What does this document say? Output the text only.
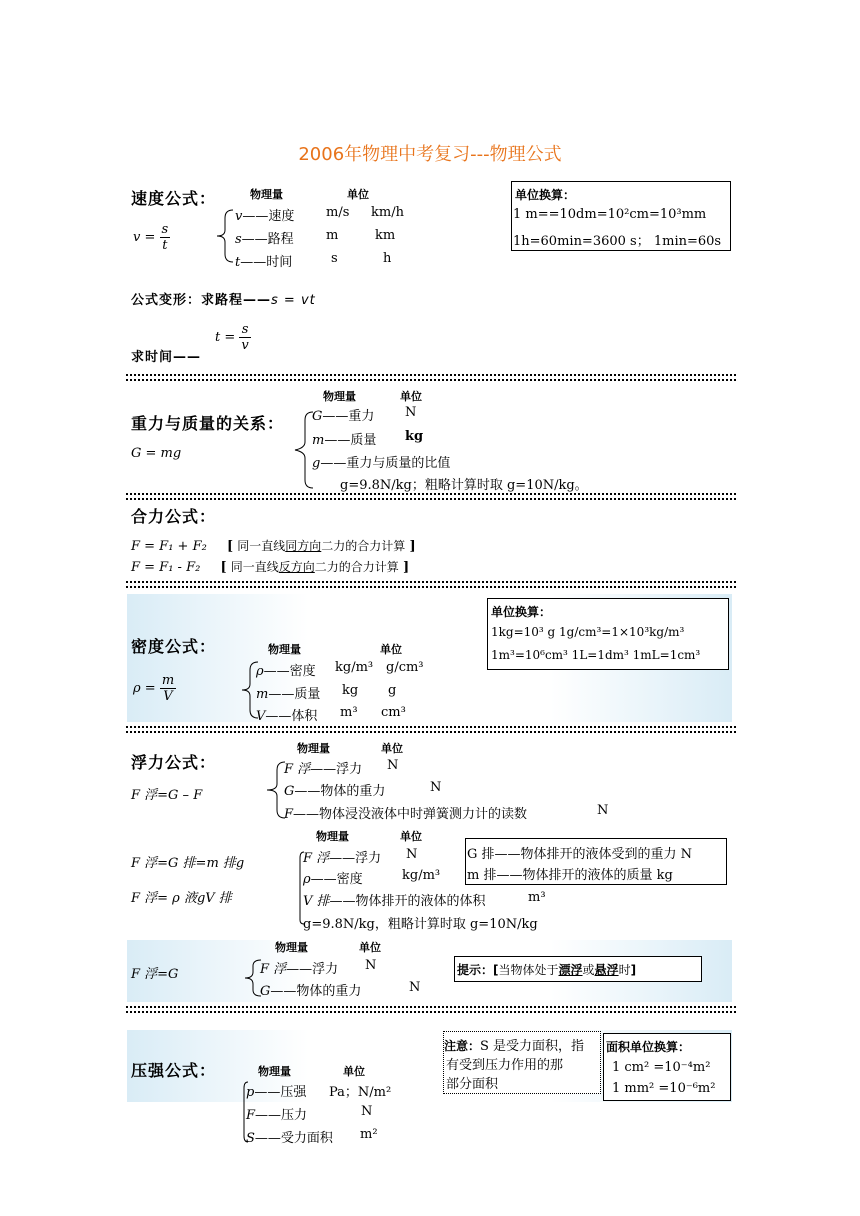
2006年物理中考复习---物理公式
速度公式：	物理量	单位
$v = \frac{s}{t}$
v——速度 m/s km/h
s——路程 m	km
t——时间	s	h
单位换算：
1 m==10dm=10²cm=10³mm
1h=60min=3600 s； 1min=60s
公式变形：求路程——s = vt
$t = \frac{s}{v}$
求时间——
物理量	单位
重力与质量的关系：
G = mg
G——重力 N
m——质量 kg
g——重力与质量的比值
g=9.8N/kg；粗略计算时取 g=10N/kg。
合力公式：
F = F₁ + F₂ [ 同一直线同方向二力的合力计算 ]
F = F₁ - F₂ [ 同一直线反方向二力的合力计算 ]
单位换算：
1kg=10³ g 1g/cm³=1×10³kg/m³
1m³=10⁶cm³ 1L=1dm³ 1mL=1cm³
密度公式：	物理量	单位
$\rho = \frac{m}{V}$
ρ——密度 kg/m³ g/cm³
m——质量 kg g
V——体积 m³ cm³
物理量	单位
浮力公式：
F 浮=G – F
F 浮——浮力 N
G——物体的重力	N
F——物体浸没液体中时弹簧测力计的读数	N
物理量	单位
F 浮=G 排=m 排g
F 浮= ρ 液gV 排
F 浮——浮力 N
ρ——密度	kg/m³
V 排——物体排开的液体的体积	m³
g=9.8N/kg，粗略计算时取 g=10N/kg
G 排——物体排开的液体受到的重力 N
m 排——物体排开的液体的质量 kg
物理量	单位
F 浮=G	F 浮——浮力 N
G——物体的重力	N
提示：[当物体处于漂浮或悬浮时]
注意：S 是受力面积，指
有受到压力作用的那
部分面积
面积单位换算：
1 cm² =10⁻⁴m²
1 mm² =10⁻⁶m²
压强公式：	物理量	单位
p——压强 Pa；N/m²
F——压力	N
S——受力面积 m²
